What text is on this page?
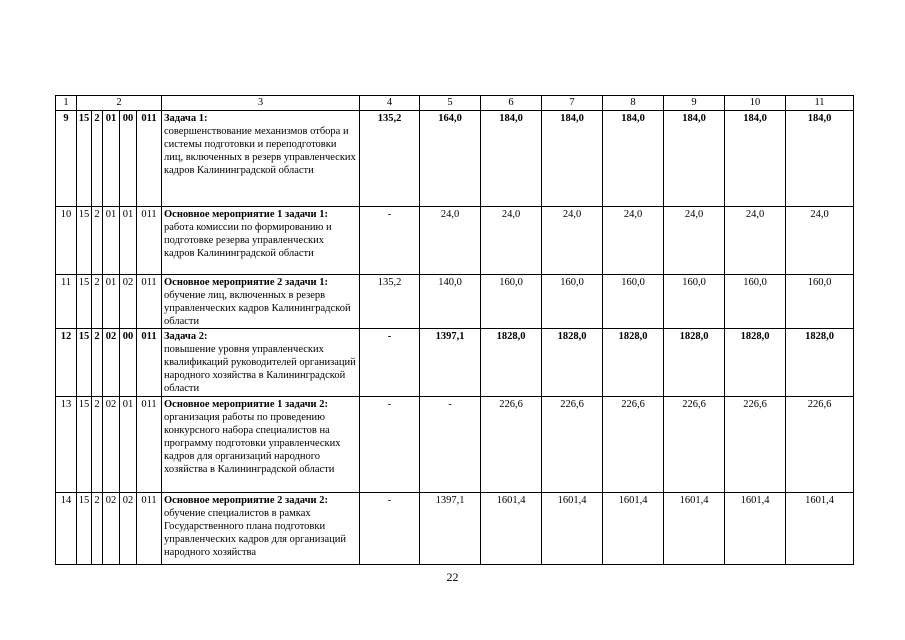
1	2					3	4	5	6	7	8	9	10	11
9	15	2	01	00	011	Задача 1:
совершенствование механизмов отбора и системы подготовки и переподготовки лиц, включенных в резерв управленческих кадров Калининградской области	135,2	164,0	184,0	184,0	184,0	184,0	184,0	184,0
10	15	2	01	01	011	Основное мероприятие 1 задачи 1:
работа комиссии по формированию и подготовке резерва управленческих кадров Калининградской области	-	24,0	24,0	24,0	24,0	24,0	24,0	24,0
11	15	2	01	02	011	Основное мероприятие 2 задачи 1:
обучение лиц, включенных в резерв управленческих кадров Калининградской области	135,2	140,0	160,0	160,0	160,0	160,0	160,0	160,0
12	15	2	02	00	011	Задача 2:
повышение уровня управленческих квалификаций руководителей организаций народного хозяйства в Калининградской области	-	1397,1	1828,0	1828,0	1828,0	1828,0	1828,0	1828,0
13	15	2	02	01	011	Основное мероприятие 1 задачи 2:
организация работы по проведению конкурсного набора специалистов на программу подготовки управленческих кадров для организаций народного хозяйства в Калининградской области	-	-	226,6	226,6	226,6	226,6	226,6	226,6
14	15	2	02	02	011	Основное мероприятие 2 задачи 2:
обучение специалистов в рамках Государственного плана подготовки управленческих кадров для организаций народного хозяйства	-	1397,1	1601,4	1601,4	1601,4	1601,4	1601,4	1601,4
22
